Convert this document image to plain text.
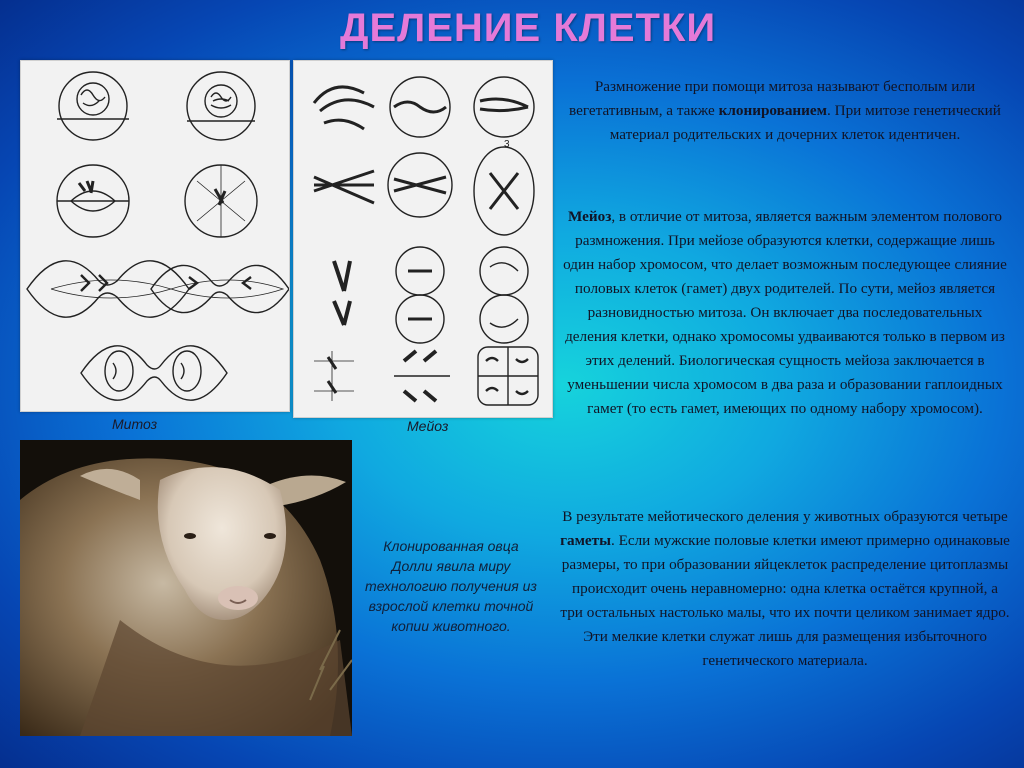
ДЕЛЕНИЕ КЛЕТКИ
3
Митоз	Мейоз
Клонированная овца Долли явила миру технологию получения из взрослой клетки точной копии животного.
Размножение при помощи митоза называют бесполым или вегетативным, а также клонированием. При митозе генетический материал родительских и дочерних клеток идентичен.
Мейоз, в отличие от митоза, является важным элементом полового размножения. При мейозе образуются клетки, содержащие лишь один набор хромосом, что делает возможным последующее слияние половых клеток (гамет) двух родителей. По сути, мейоз является разновидностью митоза. Он включает два последовательных деления клетки, однако хромосомы удваиваются только в первом из этих делений. Биологическая сущность мейоза заключается в уменьшении числа хромосом в два раза и образовании гаплоидных гамет (то есть гамет, имеющих по одному набору хромосом).
В результате мейотического деления у животных образуются четыре гаметы. Если мужские половые клетки имеют примерно одинаковые размеры, то при образовании яйцеклеток распределение цитоплазмы происходит очень неравномерно: одна клетка остаётся крупной, а три остальных настолько малы, что их почти целиком занимает ядро. Эти мелкие клетки служат лишь для размещения избыточного генетического материала.
